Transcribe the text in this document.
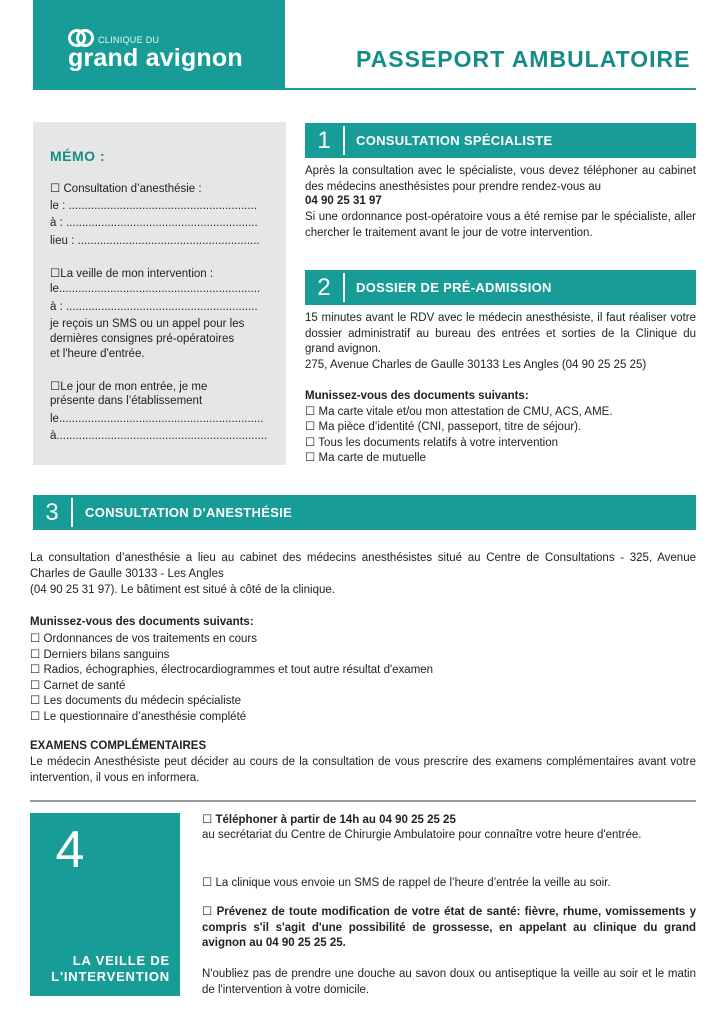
CLINIQUE DU
grand avignon	PASSEPORT AMBULATOIRE
MÉMO :
☐ Consultation d’anesthésie :
le : ...........................................................
à : ............................................................
lieu : .........................................................
☐La veille de mon intervention :
le...............................................................
à : ............................................................
je reçois un SMS ou un appel pour les
dernières consignes pré-opératoires
et l'heure d'entrée.
☐Le jour de mon entrée, je me
présente dans l’établissement
le................................................................
à..................................................................
1	CONSULTATION SPÉCIALISTE
Après la consultation avec le spécialiste, vous devez téléphoner au cabinet des médecins anesthésistes pour prendre rendez-vous au
04 90 25 31 97
Si une ordonnance post-opératoire vous a été remise par le spécialiste, aller chercher le traitement avant le jour de votre intervention.
2	DOSSIER DE PRÉ-ADMISSION
15 minutes avant le RDV avec le médecin anesthésiste, il faut réaliser votre dossier administratif au bureau des entrées et sorties de la Clinique du grand avignon.
275, Avenue Charles de Gaulle 30133 Les Angles (04 90 25 25 25)
Munissez-vous des documents suivants:
☐ Ma carte vitale et/ou mon attestation de CMU, ACS, AME.
☐ Ma pièce d’identité (CNI, passeport, titre de séjour).
☐ Tous les documents relatifs à votre intervention
☐ Ma carte de mutuelle
3	CONSULTATION D'ANESTHÉSIE
La consultation d’anesthésie a lieu au cabinet des médecins anesthésistes situé au Centre de Consultations - 325, Avenue Charles de Gaulle 30133 - Les Angles
(04 90 25 31 97). Le bâtiment est situé à côté de la clinique.
Munissez-vous des documents suivants:
☐ Ordonnances de vos traitements en cours
☐ Derniers bilans sanguins
☐ Radios, échographies, électrocardiogrammes et tout autre résultat d'examen
☐ Carnet de santé
☐ Les documents du médecin spécialiste
☐ Le questionnaire d’anesthésie complété
EXAMENS COMPLÉMENTAIRES
Le médecin Anesthésiste peut décider au cours de la consultation de vous prescrire des examens complémentaires avant votre intervention, il vous en informera.
4
LA VEILLE DE
L'INTERVENTION
☐ Téléphoner à partir de 14h au 04 90 25 25 25
au secrétariat du Centre de Chirurgie Ambulatoire pour connaître votre heure d'entrée.
☐ La clinique vous envoie un SMS de rappel de l’heure d’entrée la veille au soir.
☐ Prévenez de toute modification de votre état de santé: fièvre, rhume, vomissements y compris s'il s'agit d'une possibilité de grossesse, en appelant au clinique du grand avignon au 04 90 25 25 25.
N'oubliez pas de prendre une douche au savon doux ou antiseptique la veille au soir et le matin de l'intervention à votre domicile.
